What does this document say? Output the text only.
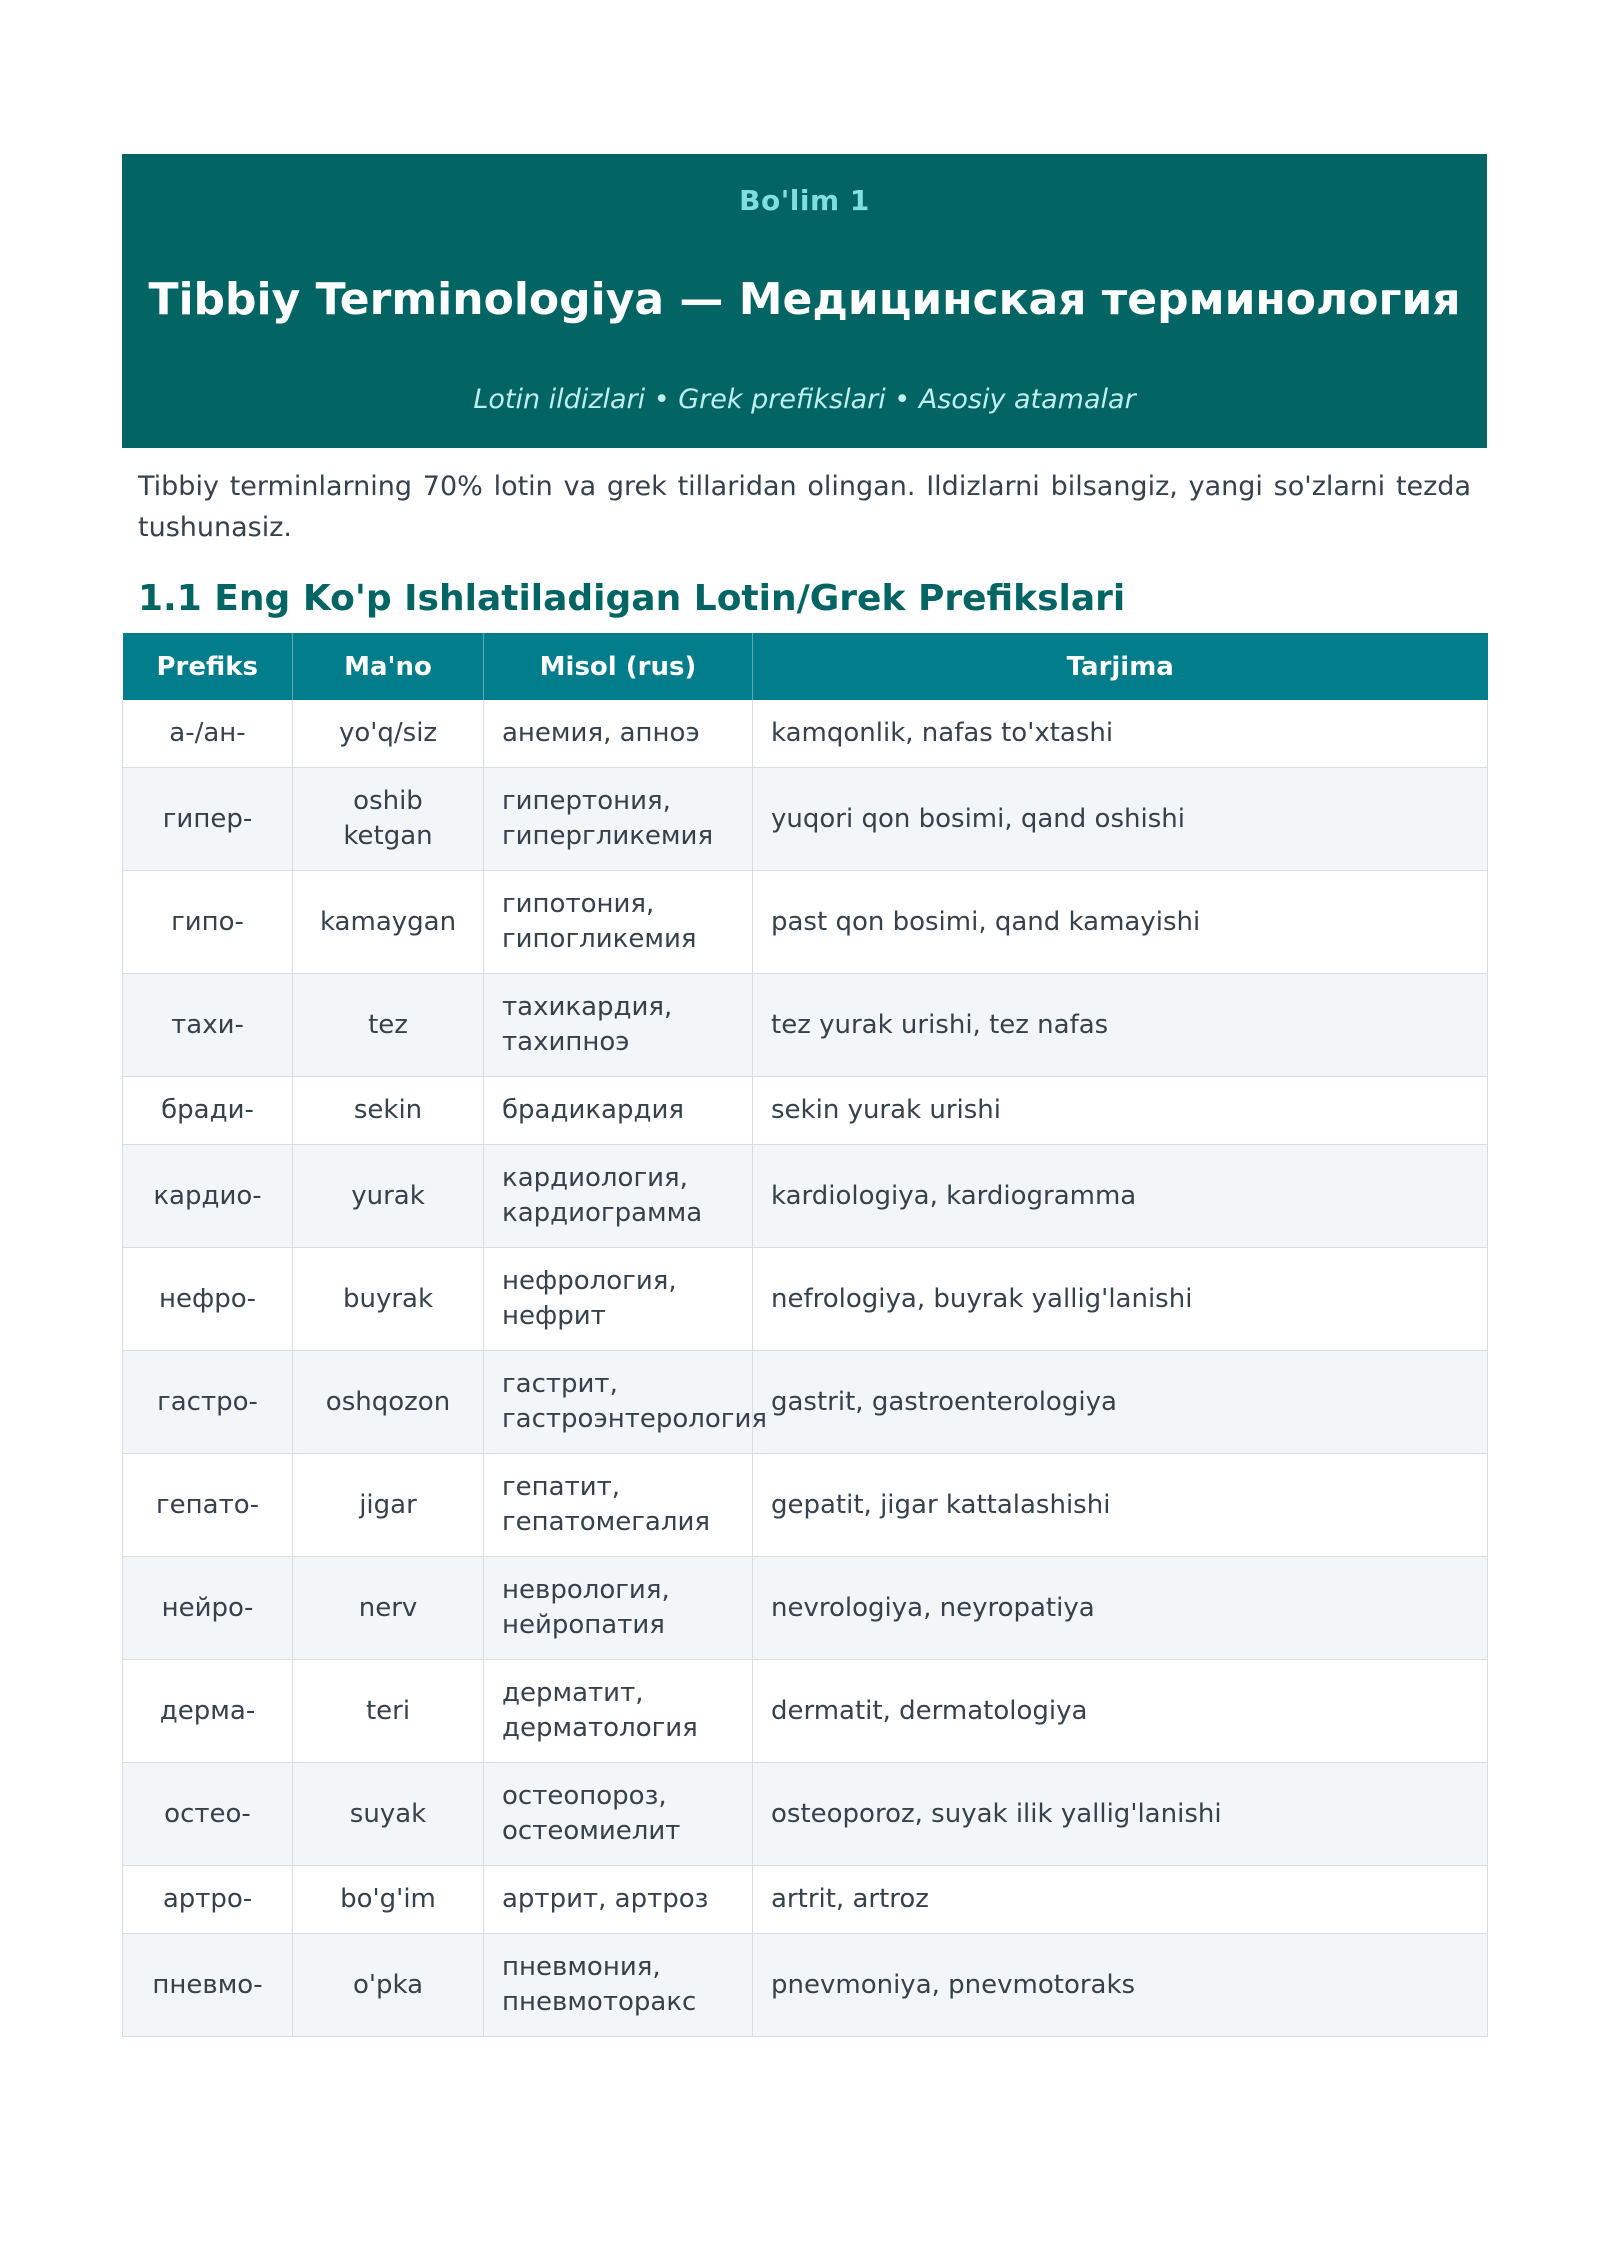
Bo'lim 1
Tibbiy Terminologiya — Медицинская терминология
Lotin ildizlari • Grek prefikslari • Asosiy atamalar

Tibbiy terminlarning 70% lotin va grek tillaridan olingan. Ildizlarni bilsangiz, yangi so'zlarni tezda tushunasiz.

1.1 Eng Ko'p Ishlatiladigan Lotin/Grek Prefikslari
Prefiks	Ma'no	Misol (rus)	Tarjima
а-/ан-	yo'q/siz	анемия, апноэ	kamqonlik, nafas to'xtashi
гипер-	oshib ketgan	гипертония, гипергликемия	yuqori qon bosimi, qand oshishi
гипо-	kamaygan	гипотония, гипогликемия	past qon bosimi, qand kamayishi
тахи-	tez	тахикардия, тахипноэ	tez yurak urishi, tez nafas
бради-	sekin	брадикардия	sekin yurak urishi
кардио-	yurak	кардиология, кардиограмма	kardiologiya, kardiogramma
нефро-	buyrak	нефрология, нефрит	nefrologiya, buyrak yallig'lanishi
гастро-	oshqozon	гастрит, гастроэнтерология	gastrit, gastroenterologiya
гепато-	jigar	гепатит, гепатомегалия	gepatit, jigar kattalashishi
нейро-	nerv	неврология, нейропатия	nevrologiya, neyropatiya
дерма-	teri	дерматит, дерматология	dermatit, dermatologiya
остео-	suyak	остеопороз, остеомиелит	osteoporoz, suyak ilik yallig'lanishi
артро-	bo'g'im	артрит, артроз	artrit, artroz
пневмо-	o'pka	пневмония, пневмоторакс	pnevmoniya, pnevmotoraks
